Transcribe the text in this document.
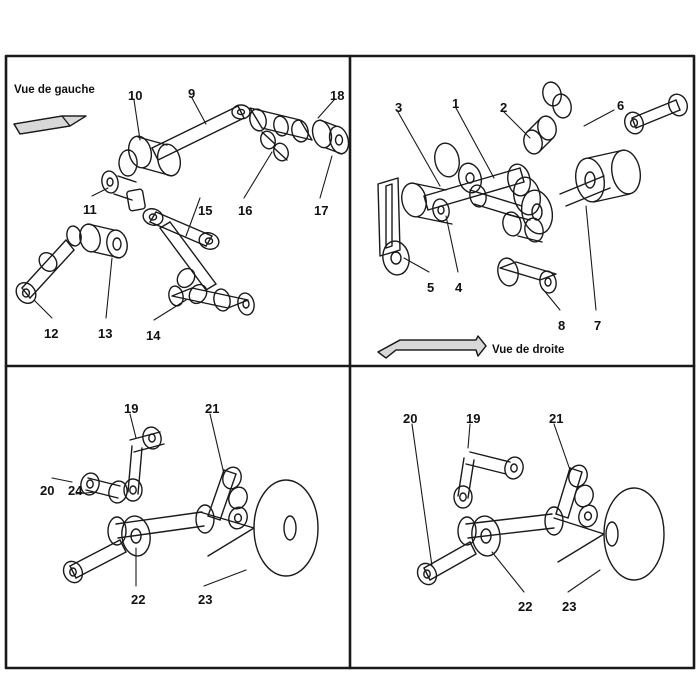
Vue de gauche
Vue de droite
10	9	18
11	15 16	17
12	13	14
3	1	2	6
5 4
8 7
19	21
20 24
22	23
20	19	21
22 23
